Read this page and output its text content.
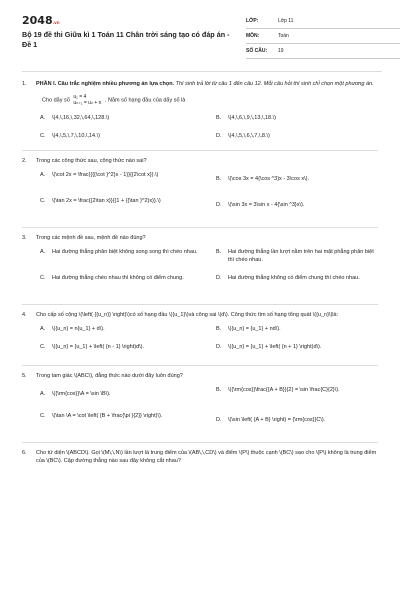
2048.vn
Bộ 19 đề thi Giữa kì 1 Toán 11 Chân trời sáng tạo có đáp án - Đề 1
LỚP:	Lớp 11
MÔN:	Toán
SỐ CÂU: 19
1. PHẦN I. Câu trắc nghiệm nhiều phương án lựa chọn. Thí sinh trả lời từ câu 1 đến câu 12. Mỗi câu hỏi thí sinh chỉ chọn một phương án.
Cho dãy số u₁ = 4
uₙ₊₁ = uₙ + n . Năm số hạng đầu của dãy số là
A. \(4,\,16,\,32,\,64,\,128.\)	B. \(4,\,6,\,9,\,13,\,18.\)
C. \(4,\,5,\,7,\,10,\,14.\)	D. \(4,\,5,\,6,\,7,\,8.\)
2. Trong các công thức sau, công thức nào sai?
A. \(\cot 2x = \frac{{{{\cot }^2}x - 1}}{{2\cot x}}.\)
B. \(\cos 3x = 4{\cos ^3}x - 3\cos x\).
C. \(\tan 2x = \frac{{2\tan x}}{{1 + {{\tan }^2}x}}.\)
D. \(\sin 3x = 3\sin x - 4{\sin ^3}x\).
3. Trong các mệnh đề sau, mệnh đề nào đúng?
A. Hai đường thẳng phân biệt không song song thì chéo nhau.	B. Hai đường thẳng lần lượt nằm trên hai mặt phẳng phân biệt thì chéo nhau.
C. Hai đường thẳng chéo nhau thì không có điểm chung.	D. Hai đường thẳng không có điểm chung thì chéo nhau.
4. Cho cấp số cộng \(\left( {{u_n}} \right)\)có số hạng đầu \({u_1}\)và công sai \(d\). Công thức tìm số hạng tổng quát \({u_n}\)là:
A. \({u_n} = n{u_1} + d\).	B. \({u_n} = {u_1} + nd\).
C. \({u_n} = {u_1} + \left( {n - 1} \right)d\).	D. \({u_n} = {u_1} + \left( {n + 1} \right)d\).
5. Trong tam giác \(ABC\), đẳng thức nào dưới đây luôn đúng?
A. \({\rm{cos}}\A = \sin \B\).
B. \({\rm{cos}}\frac{{A + B}}{2} = \sin \frac{C}{2}\).
C. \(\tan \A = \cot \left( {B + \frac{\pi }{2}} \right)\).
D. \(\sin \left( {A + B} \right) = {\rm{cos}}C\).
6. Cho tứ diện \(ABCD\). Gọi \(M\,\,N\) lần lượt là trung điểm của \(AB\,\,CD\) và điểm \(P\) thuộc cạnh \(BC\) sao cho \(P\) không là trung điểm của \(BC\). Cặp đường thẳng nào sau đây không cắt nhau?
